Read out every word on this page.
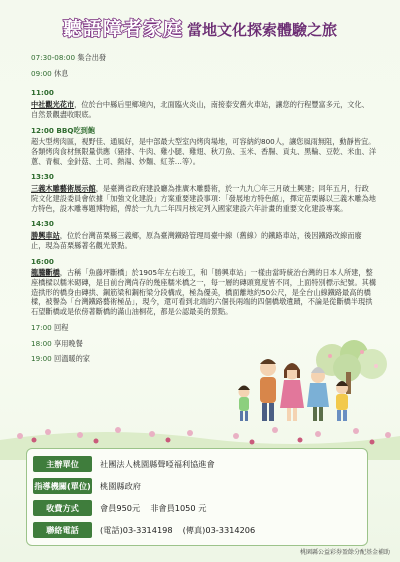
聽語障者家庭 當地文化探索體驗之旅
07:30-08:00 集合出發
09:00 休息
11:00
中社觀光花市，位於台中縣后里鄉境內，北面臨火炎山，南接泰安舊火車站，讓您的行程豐富多元，文化、自然景觀盡收眼底。
12:00 BBQ吃到飽
超大型烤肉區，視野佳、通風好，是中部最大型室內烤肉場地，可容納約800人，讓您風雨無阻，動靜皆宜。各類烤肉食材無限量供應（豬排、牛肉、雞小腿、雞翅、秋刀魚、玉米、香腸、貢丸、黑輪、豆乾、米血、洋蔥、青椒、金針菇、土司、熱湯、炒麵、紅茶…等）。
13:30
三義木雕藝術展示館，是臺灣省政府建設廳為推廣木雕藝術，於一九九〇年三月破土興建；同年五月，行政院文化建設委員會依據「加強文化建設」方案重要建設事項：「發展地方特色館」，擇定苗栗縣以三義木雕為地方特色，設木雕專題博物館，俾於一九九二年四月核定列入國家建設六年計畫的重要文化建設專案。
14:30
勝興車站，位於台灣苗栗縣三義鄉，原為臺灣鐵路管理局臺中線（舊線）的鐵路車站，後因鐵路改線而廢止，現為苗栗縣著名觀光景點。
16:00
龍騰斷橋，古稱「魚藤坪斷橋」於1905年左右竣工，和「勝興車站」一樣由當時統治台灣的日本人所建，整座橋樑以糯米砌磚，是目前台灣尚存的幾座糯米橋之一，每一層的磚頭寬度皆不同，上面特別標示紀號。其構造拱形的橋身由磚拱、鋼筋梁和鋼桁梁分段構成，極為優美，橋面離地約50公尺，是全台山線鐵路最高的橋樑，被譽為「台灣鐵路藝術極品」，現今，還可看到北端的六個長兩端的四個橋墩遺蹟，不論是從斷橋半現拱石望斷橋或是依傍著斷橋的滿山油桐花，都是公認最美的景點。
17:00 回程
18:00 享用晚餐
19:00 回溫暖的家
主辦單位	社團法人桃園縣聲啞福利協進會
指導機關(單位) 桃園縣政府
收費方式	會員950元 非會員1050 元
聯絡電話	(電話)03-3314198 (傳真)03-3314206
桃園縣公益彩券盈餘分配基金補助
